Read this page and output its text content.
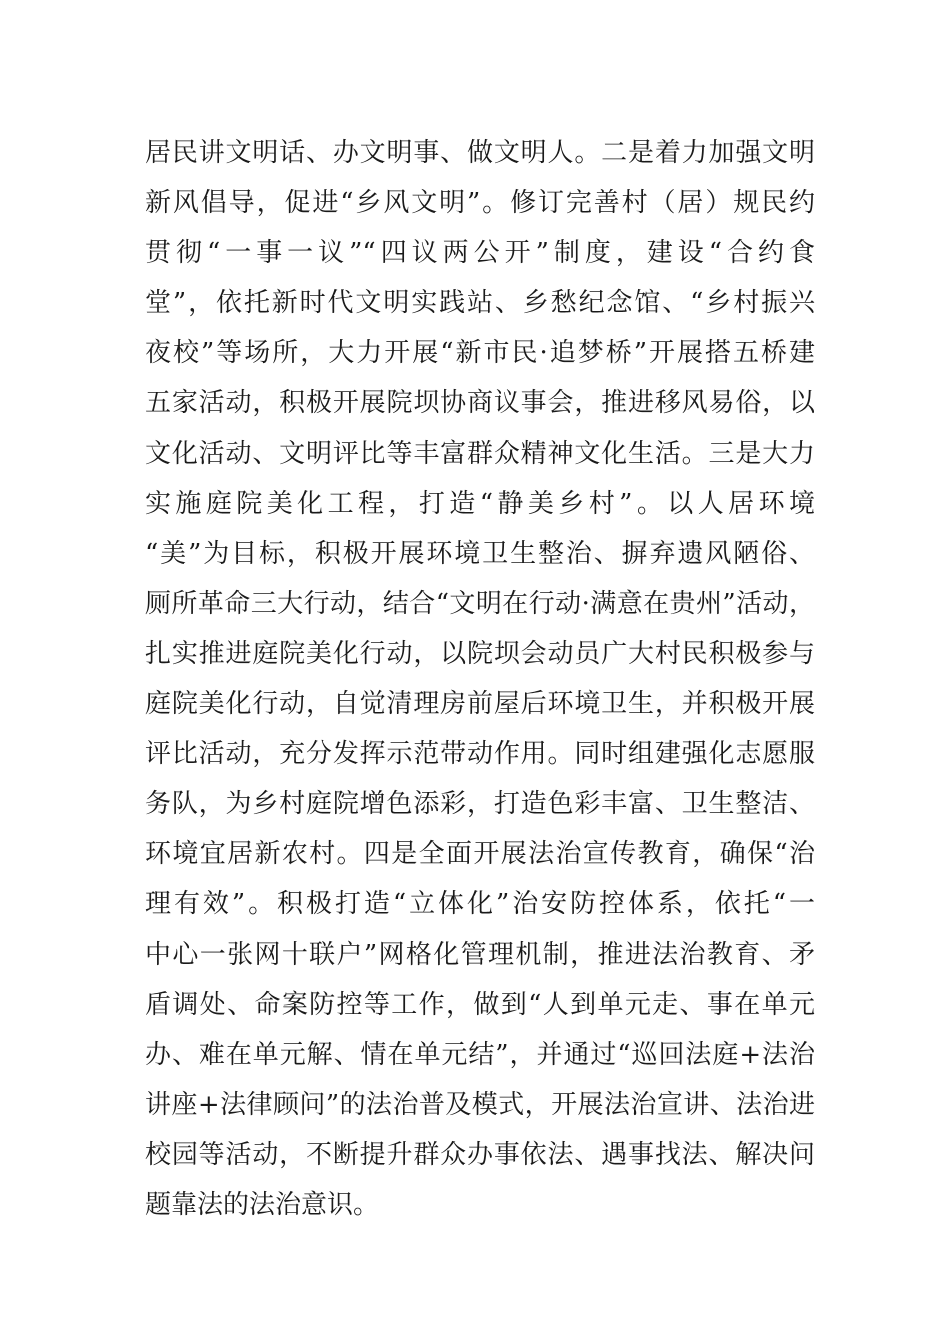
居民讲文明话、办文明事、做文明人。二是着力加强文明
新风倡导，促进“乡风文明”。修订完善村（居）规民约
贯彻“一事一议”“四议两公开”制度，建设“合约食
堂”，依托新时代文明实践站、乡愁纪念馆、“乡村振兴
夜校”等场所，大力开展“新市民·追梦桥”开展搭五桥建
五家活动，积极开展院坝协商议事会，推进移风易俗，以
文化活动、文明评比等丰富群众精神文化生活。三是大力
实施庭院美化工程，打造“静美乡村”。以人居环境
“美”为目标，积极开展环境卫生整治、摒弃遗风陋俗、
厕所革命三大行动，结合“文明在行动·满意在贵州”活动，
扎实推进庭院美化行动，以院坝会动员广大村民积极参与
庭院美化行动，自觉清理房前屋后环境卫生，并积极开展
评比活动，充分发挥示范带动作用。同时组建强化志愿服
务队，为乡村庭院增色添彩，打造色彩丰富、卫生整洁、
环境宜居新农村。四是全面开展法治宣传教育，确保“治
理有效”。积极打造“立体化”治安防控体系，依托“一
中心一张网十联户”网格化管理机制，推进法治教育、矛
盾调处、命案防控等工作，做到“人到单元走、事在单元
办、难在单元解、情在单元结”，并通过“巡回法庭+法治
讲座+法律顾问”的法治普及模式，开展法治宣讲、法治进
校园等活动，不断提升群众办事依法、遇事找法、解决问
题靠法的法治意识。
